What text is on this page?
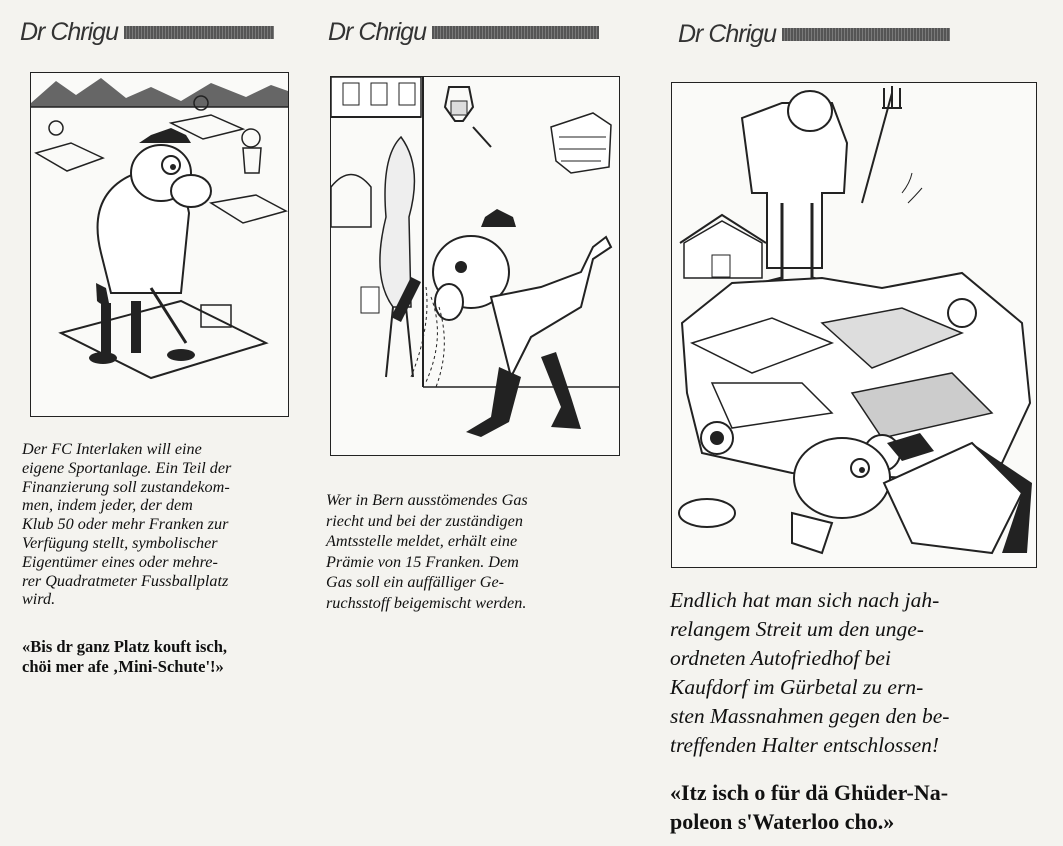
Dr Chrigu

Der FC Interlaken will eine

eigene Sportanlage. Ein Teil der

Finanzierung soll zustandekom-

men, indem jeder, der dem

Klub 50 oder mehr Franken zur

Verfügung stellt, symbolischer

Eigentümer eines oder mehre-

rer Quadratmeter Fussballplatz

wird.

«Bis dr ganz Platz kouft isch,

chöi mer afe ‚Mini-Schute'!»

Dr Chrigu

Wer in Bern ausstömendes Gas

riecht und bei der zuständigen

Amtsstelle meldet, erhält eine

Prämie von 15 Franken. Dem

Gas soll ein auffälliger Ge-

ruchsstoff beigemischt werden.

Dr Chrigu

Endlich hat man sich nach jah-

relangem Streit um den unge-

ordneten Autofriedhof bei

Kaufdorf im Gürbetal zu ern-

sten Massnahmen gegen den be-

treffenden Halter entschlossen!

«Itz isch o für dä Ghüder-Na-

poleon s'Waterloo cho.»
